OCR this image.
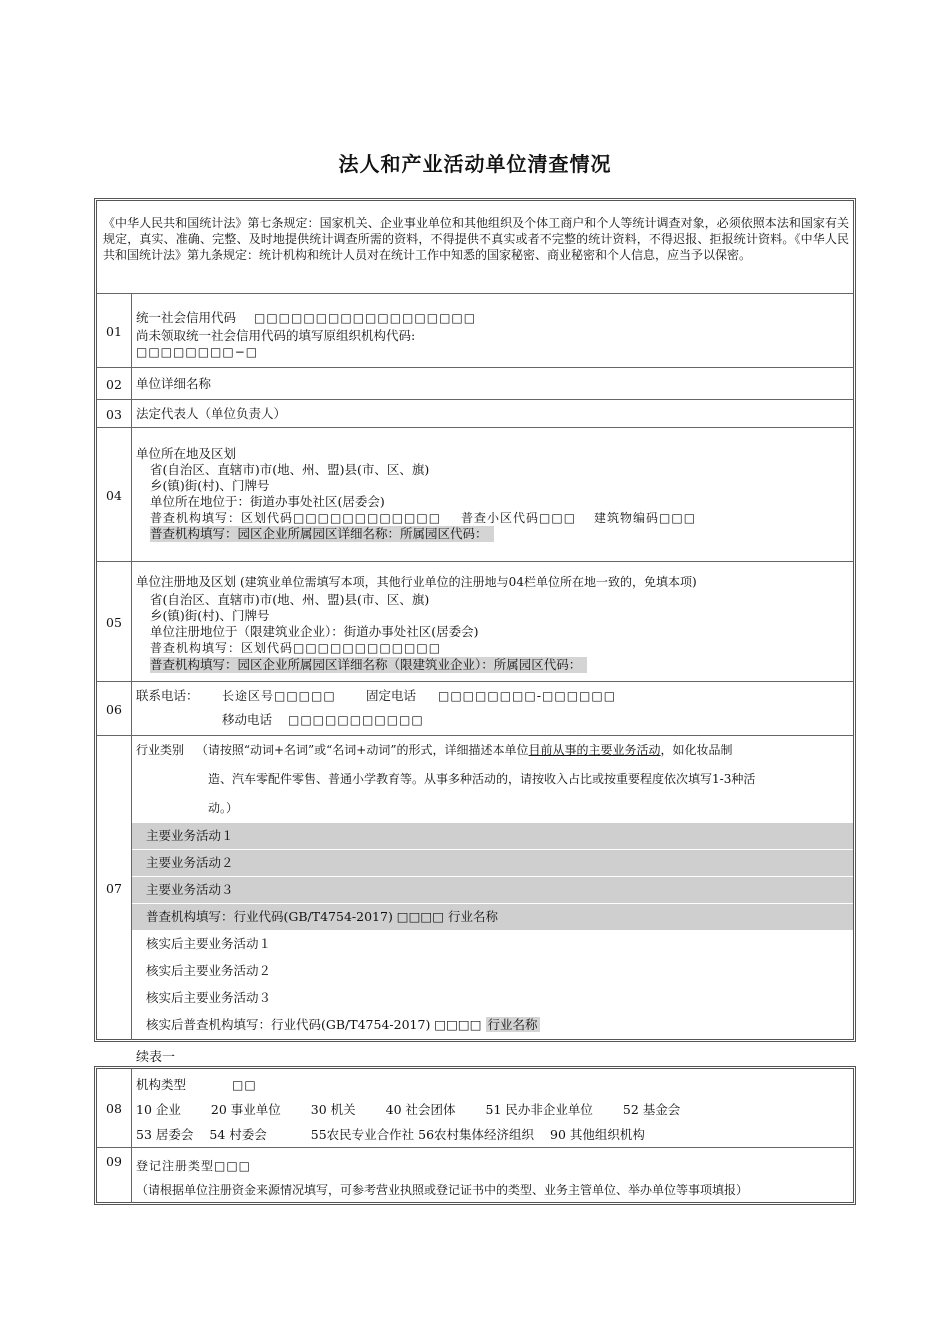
法人和产业活动单位清查情况
《中华人民共和国统计法》第七条规定：国家机关、企业事业单位和其他组织及个体工商户和个人等统计调查对象，必须依照本法和国家有关规定，真实、准确、完整、及时地提供统计调查所需的资料，不得提供不真实或者不完整的统计资料，不得迟报、拒报统计资料。《中华人民共和国统计法》第九条规定：统计机构和统计人员对在统计工作中知悉的国家秘密、商业秘密和个人信息，应当予以保密。
01
统一社会信用代码 □□□□□□□□□□□□□□□□□□
尚未领取统一社会信用代码的填写原组织机构代码:
□□□□□□□□−□
02	单位详细名称
03	法定代表人（单位负责人）
04
单位所在地及区划
省(自治区、直辖市)市(地、州、盟)县(市、区、旗)
乡(镇)街(村)、门牌号
单位所在地位于：街道办事处社区(居委会)
普查机构填写：区划代码□□□□□□□□□□□□ 普查小区代码□□□ 建筑物编码□□□
普查机构填写：园区企业所属园区详细名称：所属园区代码：
05
单位注册地及区划 (建筑业单位需填写本项，其他行业单位的注册地与04栏单位所在地一致的，免填本项)
省(自治区、直辖市)市(地、州、盟)县(市、区、旗)
乡(镇)街(村)、门牌号
单位注册地位于（限建筑业企业）：街道办事处社区(居委会)
普查机构填写：区划代码□□□□□□□□□□□□
普查机构填写：园区企业所属园区详细名称（限建筑业企业）：所属园区代码：
06
联系电话： 长途区号□□□□□ 固定电话 □□□□□□□□-□□□□□□
移动电话 □□□□□□□□□□□
07
行业类别 （请按照“动词+名词”或“名词+动词”的形式，详细描述本单位目前从事的主要业务活动，如化妆品制
造、汽车零配件零售、普通小学教育等。从事多种活动的，请按收入占比或按重要程度依次填写1-3种活
动。）
主要业务活动１
主要业务活动２
主要业务活动３
普查机构填写：行业代码(GB/T4754-2017) □□□□ 行业名称
核实后主要业务活动１
核实后主要业务活动２
核实后主要业务活动３
核实后普查机构填写：行业代码(GB/T4754-2017) □□□□ 行业名称
续表一
08
机构类型	□□
10 企业 20 事业单位 30 机关 40 社会团体 51 民办非企业单位 52 基金会
53 居委会 54 村委会	55农民专业合作社 56农村集体经济组织 90 其他组织机构
09	登记注册类型□□□
（请根据单位注册资金来源情况填写，可参考营业执照或登记证书中的类型、业务主管单位、举办单位等事项填报）
